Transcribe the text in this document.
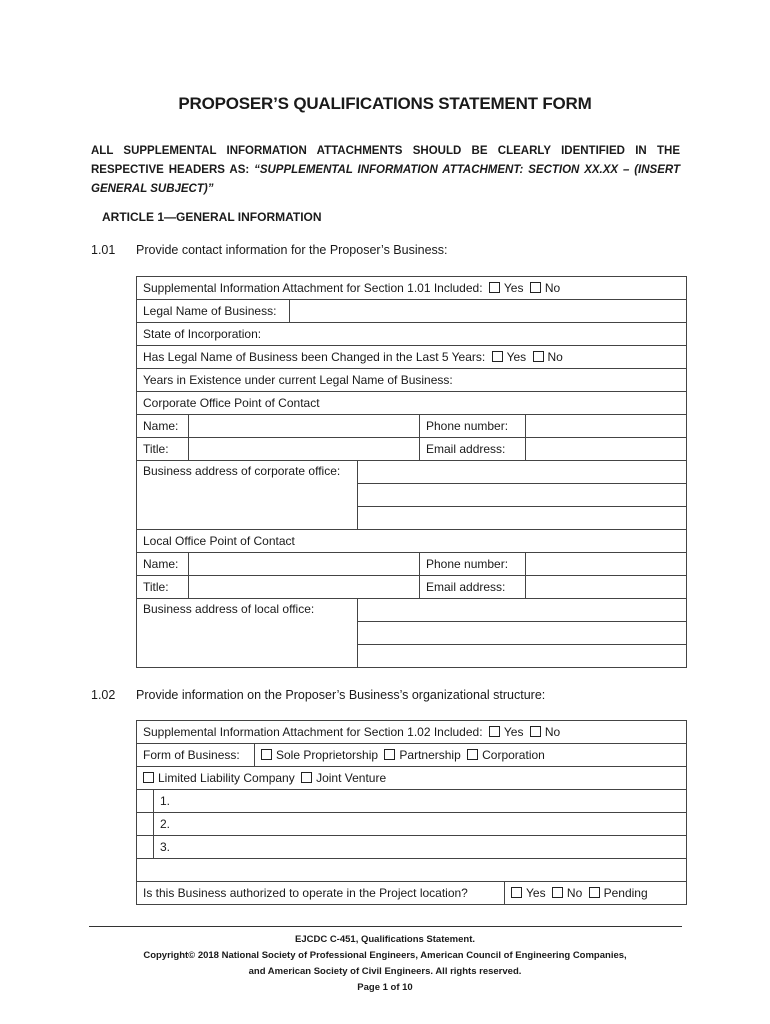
PROPOSER’S QUALIFICATIONS STATEMENT FORM
ALL SUPPLEMENTAL INFORMATION ATTACHMENTS SHOULD BE CLEARLY IDENTIFIED IN THE RESPECTIVE HEADERS AS: “SUPPLEMENTAL INFORMATION ATTACHMENT: SECTION XX.XX – (INSERT GENERAL SUBJECT)”
ARTICLE 1—GENERAL INFORMATION
1.01 Provide contact information for the Proposer’s Business:
Supplemental Information Attachment for Section 1.01 Included: Yes No					
Legal Name of Business:					
State of Incorporation:					
Has Legal Name of Business been Changed in the Last 5 Years: Yes No					
Years in Existence under current Legal Name of Business:					
Corporate Office Point of Contact					
Name:				Phone number:	
Title:				Email address:	
Business address of corporate office:					

Local Office Point of Contact					
Name:				Phone number:	
Title:				Email address:	
Business address of local office:					

1.02 Provide information on the Proposer’s Business’s organizational structure:
Supplemental Information Attachment for Section 1.02 Included: Yes No			
Form of Business:		Sole Proprietorship Partnership Corporation	
Limited Liability Company Joint Venture			
	1.		
	2.		
	3.		

Is this Business authorized to operate in the Project location?			Yes No Pending
EJCDC C-451, Qualifications Statement.
Copyright© 2018 National Society of Professional Engineers, American Council of Engineering Companies,
and American Society of Civil Engineers. All rights reserved.
Page 1 of 10
